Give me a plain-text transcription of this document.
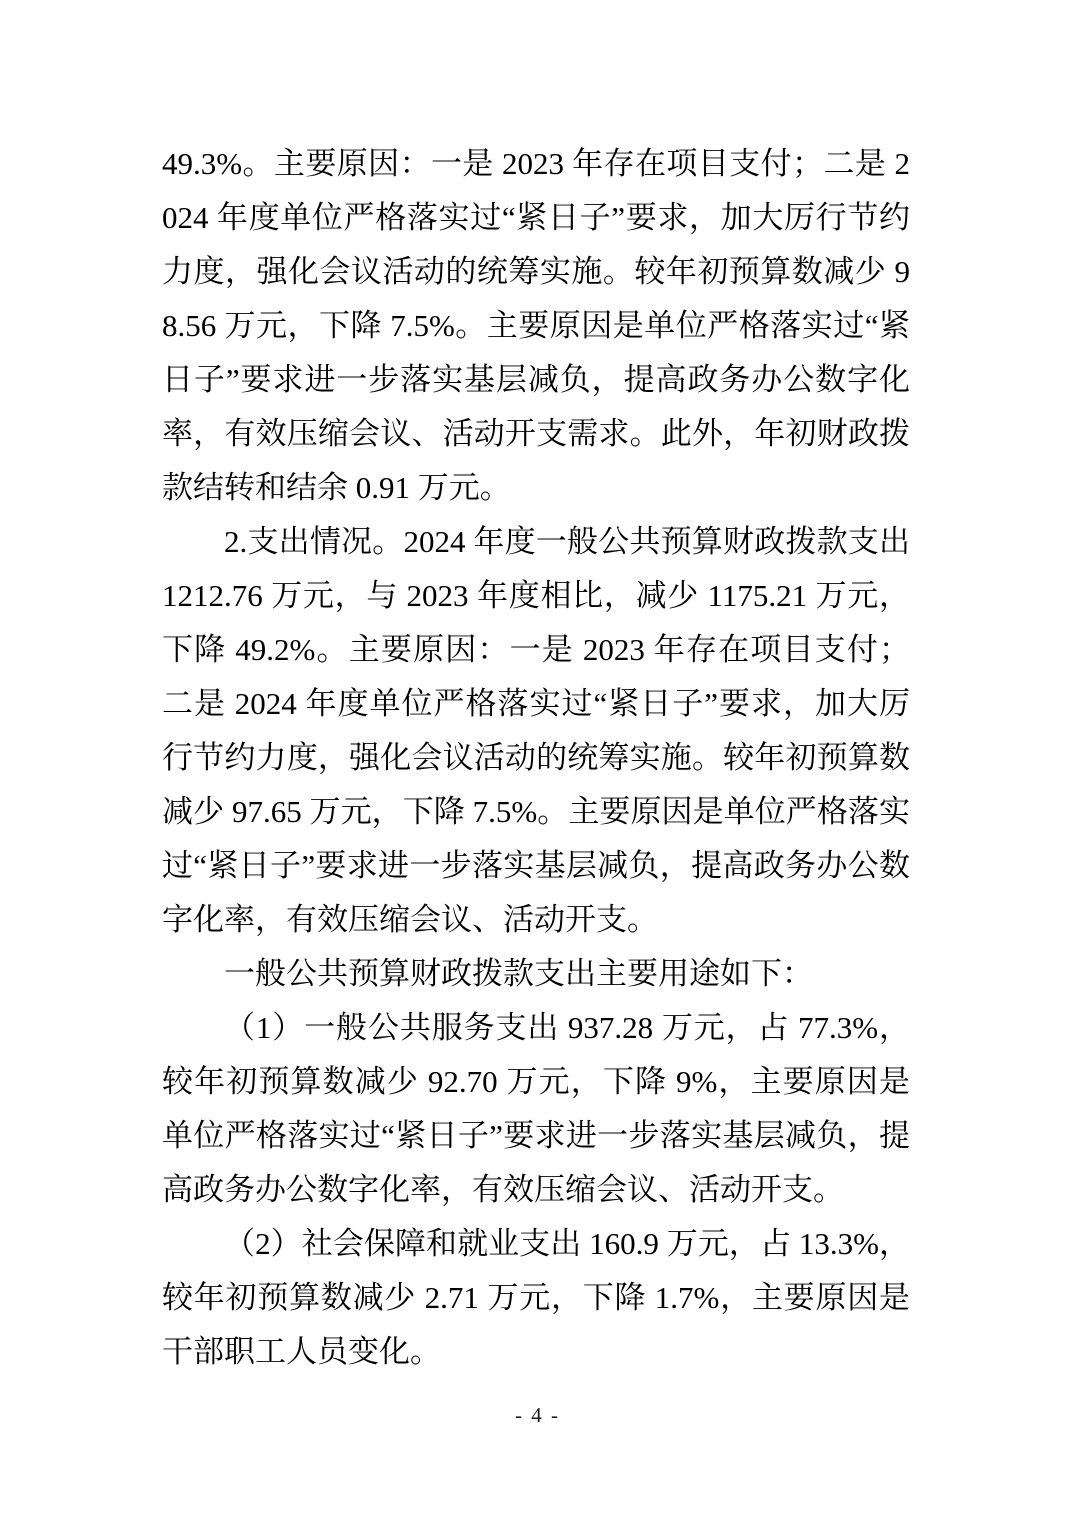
49.3%。主要原因：一是 2023 年存在项目支付；二是 2024 年度单位严格落实过“紧日子”要求，加大厉行节约力度，强化会议活动的统筹实施。较年初预算数减少 98.56 万元，下降 7.5%。主要原因是单位严格落实过“紧日子”要求进一步落实基层减负，提高政务办公数字化率，有效压缩会议、活动开支需求。此外，年初财政拨款结转和结余 0.91 万元。

2.支出情况。2024 年度一般公共预算财政拨款支出 1212.76 万元，与 2023 年度相比，减少 1175.21 万元，下降 49.2%。主要原因：一是 2023 年存在项目支付；二是 2024 年度单位严格落实过“紧日子”要求，加大厉行节约力度，强化会议活动的统筹实施。较年初预算数减少 97.65 万元，下降 7.5%。主要原因是单位严格落实过“紧日子”要求进一步落实基层减负，提高政务办公数字化率，有效压缩会议、活动开支。

一般公共预算财政拨款支出主要用途如下：

（1）一般公共服务支出 937.28 万元，占 77.3%，较年初预算数减少 92.70 万元，下降 9%，主要原因是单位严格落实过“紧日子”要求进一步落实基层减负，提高政务办公数字化率，有效压缩会议、活动开支。

（2）社会保障和就业支出 160.9 万元，占 13.3%，较年初预算数减少 2.71 万元，下降 1.7%，主要原因是干部职工人员变化。

- 4 -
